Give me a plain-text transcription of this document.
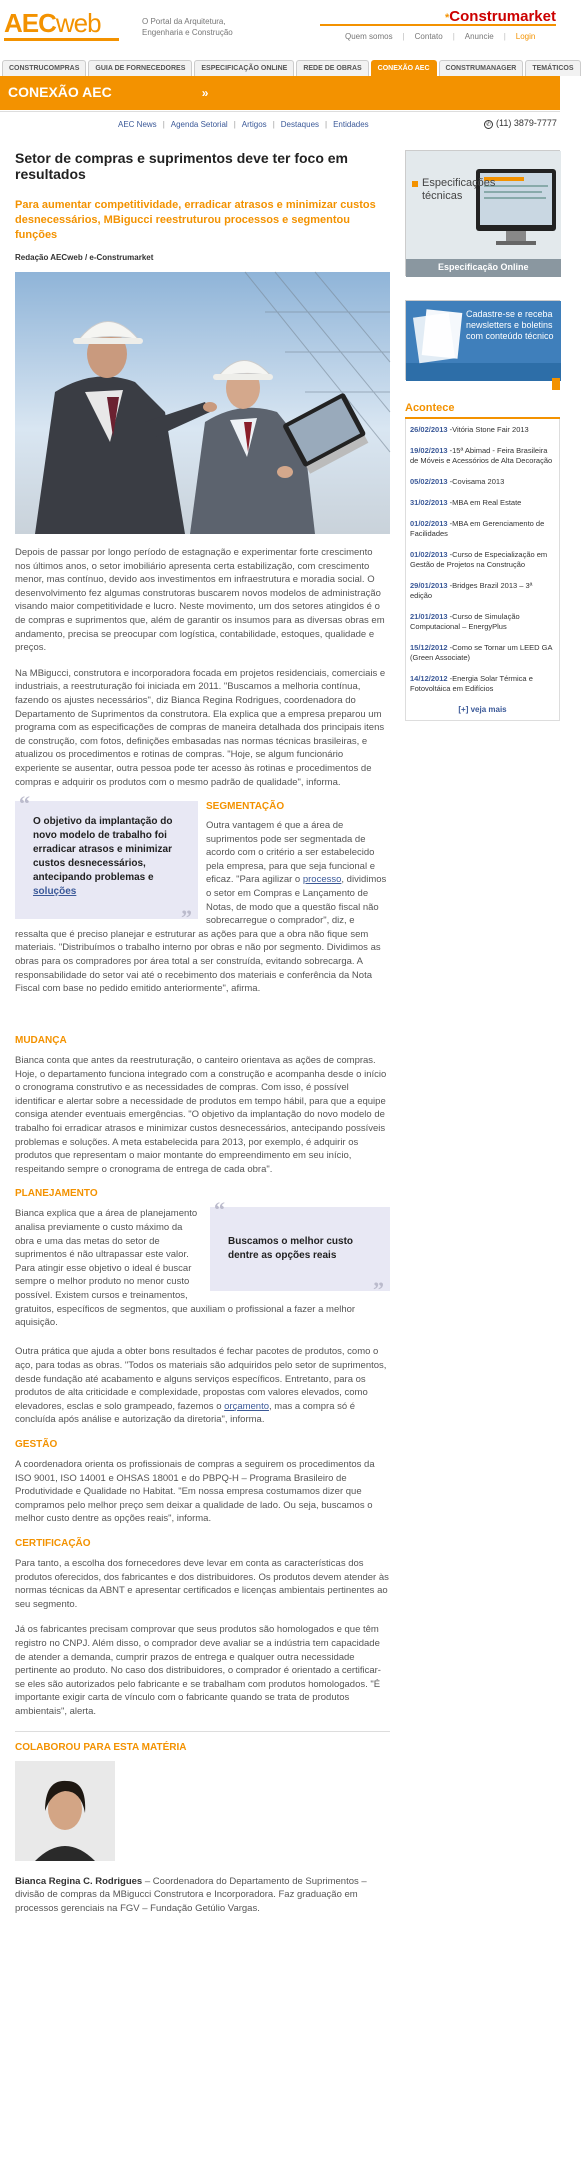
AECweb	O Portal da Arquitetura, Engenharia e Construção
*Construmarket
Quem somos | Contato | Anuncie | Login
CONSTRUCOMPRAS	GUIA DE FORNECEDORES	ESPECIFICAÇÃO ONLINE	REDE DE OBRAS	CONEXÃO AEC	CONSTRUMANAGER	TEMÁTICOS
CONEXÃO AEC	»
AEC News | Agenda Setorial | Artigos | Destaques | Entidades	✆ (11) 3879-7777
Setor de compras e suprimentos deve ter foco em resultados
Para aumentar competitividade, erradicar atrasos e minimizar custos desnecessários, MBigucci reestruturou processos e segmentou funções
Redação AECweb / e-Construmarket

Depois de passar por longo período de estagnação e experimentar forte crescimento nos últimos anos, o setor imobiliário apresenta certa estabilização, com crescimento menor, mas contínuo, devido aos investimentos em infraestrutura e moradia social. O desenvolvimento fez algumas construtoras buscarem novos modelos de administração visando maior competitividade e lucro. Neste movimento, um dos setores atingidos é o de compras e suprimentos que, além de garantir os insumos para as diversas obras em andamento, precisa se preocupar com logística, contabilidade, estoques, qualidade e preços.

Na MBigucci, construtora e incorporadora focada em projetos residenciais, comerciais e industriais, a reestruturação foi iniciada em 2011. "Buscamos a melhoria contínua, fazendo os ajustes necessários", diz Bianca Regina Rodrigues, coordenadora do Departamento de Suprimentos da construtora. Ela explica que a empresa preparou um programa com as especificações de compras de maneira detalhada dos principais itens de construção, com fotos, definições embasadas nas normas técnicas brasileiras, e atualizou os procedimentos e rotinas de compras. "Hoje, se algum funcionário experiente se ausentar, outra pessoa pode ter acesso às rotinas e procedimentos de compras e adquirir os produtos com o mesmo padrão de qualidade", informa.

“
O objetivo da implantação do novo modelo de trabalho foi erradicar atrasos e minimizar custos desnecessários, antecipando problemas e soluções
”
SEGMENTAÇÃO

Outra vantagem é que a área de suprimentos pode ser segmentada de acordo com o critério a ser estabelecido pela empresa, para que seja funcional e eficaz. "Para agilizar o processo, dividimos o setor em Compras e Lançamento de Notas, de modo que a questão fiscal não sobrecarregue o comprador", diz, e ressalta que é preciso planejar e estruturar as ações para que a obra não fique sem materiais. "Distribuímos o trabalho interno por obras e não por segmento. Dividimos as obras para os compradores por área total a ser construída, evitando sobrecarga. A responsabilidade do setor vai até o recebimento dos materiais e conferência da Nota Fiscal com base no pedido emitido anteriormente", afirma.

MUDANÇA

Bianca conta que antes da reestruturação, o canteiro orientava as ações de compras. Hoje, o departamento funciona integrado com a construção e acompanha desde o início o cronograma construtivo e as necessidades de compras. Com isso, é possível identificar e alertar sobre a necessidade de produtos em tempo hábil, para que a equipe consiga atender eventuais emergências. "O objetivo da implantação do novo modelo de trabalho foi erradicar atrasos e minimizar custos desnecessários, antecipando possíveis problemas e soluções. A meta estabelecida para 2013, por exemplo, é adquirir os produtos que representam o maior montante do empreendimento em seu início, respeitando sempre o cronograma de entrega de cada obra".

PLANEJAMENTO
“
Buscamos o melhor custo dentre as opções reais
”

Bianca explica que a área de planejamento analisa previamente o custo máximo da obra e uma das metas do setor de suprimentos é não ultrapassar este valor. Para atingir esse objetivo o ideal é buscar sempre o melhor produto no menor custo possível. Existem cursos e treinamentos, gratuitos, específicos de segmentos, que auxiliam o profissional a fazer a melhor aquisição.

Outra prática que ajuda a obter bons resultados é fechar pacotes de produtos, como o aço, para todas as obras. "Todos os materiais são adquiridos pelo setor de suprimentos, desde fundação até acabamento e alguns serviços específicos. Entretanto, para os produtos de alta criticidade e complexidade, propostas com valores elevados, como elevadores, esclas e solo grampeado, fazemos o orçamento, mas a compra só é concluída após análise e autorização da diretoria", informa.

GESTÃO

A coordenadora orienta os profissionais de compras a seguirem os procedimentos da ISO 9001, ISO 14001 e OHSAS 18001 e do PBPQ-H – Programa Brasileiro de Produtividade e Qualidade no Habitat. "Em nossa empresa costumamos dizer que compramos pelo melhor preço sem deixar a qualidade de lado. Ou seja, buscamos o melhor custo dentre as opções reais", informa.

CERTIFICAÇÃO

Para tanto, a escolha dos fornecedores deve levar em conta as características dos produtos oferecidos, dos fabricantes e dos distribuidores. Os produtos devem atender às normas técnicas da ABNT e apresentar certificados e licenças ambientais pertinentes ao seu segmento.

Já os fabricantes precisam comprovar que seus produtos são homologados e que têm registro no CNPJ. Além disso, o comprador deve avaliar se a indústria tem capacidade de atender a demanda, cumprir prazos de entrega e qualquer outra necessidade pertinente ao produto. No caso dos distribuidores, o comprador é orientado a certificar-se eles são autorizados pelo fabricante e se trabalham com produtos homologados. "É importante exigir carta de vínculo com o fabricante quando se trata de produtos ambientais", alerta.

COLABOROU PARA ESTA MATÉRIA

Bianca Regina C. Rodrigues – Coordenadora do Departamento de Suprimentos – divisão de compras da MBigucci Construtora e Incorporadora. Faz graduação em processos gerenciais na FGV – Fundação Getúlio Vargas.

Especificações
técnicas
Especificação Online
Cadastre-se e receba newsletters e boletins com conteúdo técnico
Acontece
26/02/2013 -Vitória Stone Fair 2013
19/02/2013 -15ª Abimad - Feira Brasileira de Móveis e Acessórios de Alta Decoração
05/02/2013 -Covisama 2013
31/02/2013 -MBA em Real Estate
01/02/2013 -MBA em Gerenciamento de Facilidades
01/02/2013 -Curso de Especialização em Gestão de Projetos na Construção
29/01/2013 -Bridges Brazil 2013 – 3ª edição
21/01/2013 -Curso de Simulação Computacional – EnergyPlus
15/12/2012 -Como se Tornar um LEED GA (Green Associate)
14/12/2012 -Energia Solar Térmica e Fotovoltáica em Edifícios
[+] veja mais
